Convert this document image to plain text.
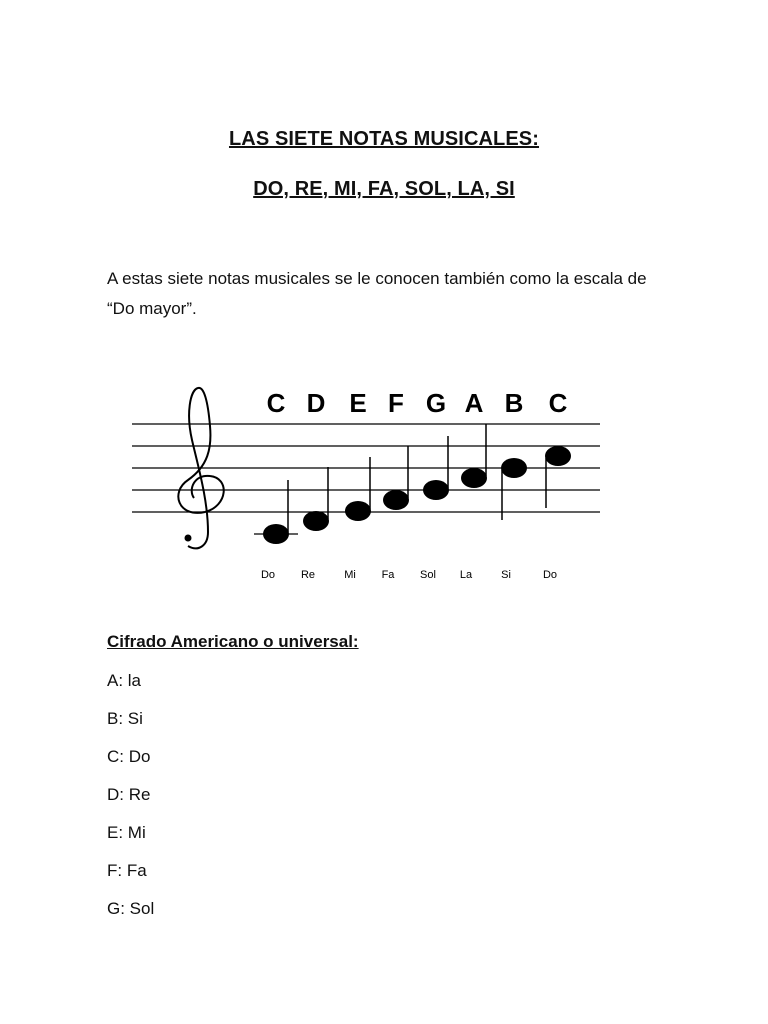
LAS SIETE NOTAS MUSICALES:
DO, RE, MI, FA, SOL, LA, SI
A estas siete notas musicales se le conocen también como la escala de “Do mayor”.
C D E F G A B C
Do Re	Mi Fa Sol La	Si	Do
Cifrado Americano o universal:
A: la
B: Si
C: Do
D: Re
E: Mi
F: Fa
G: Sol
